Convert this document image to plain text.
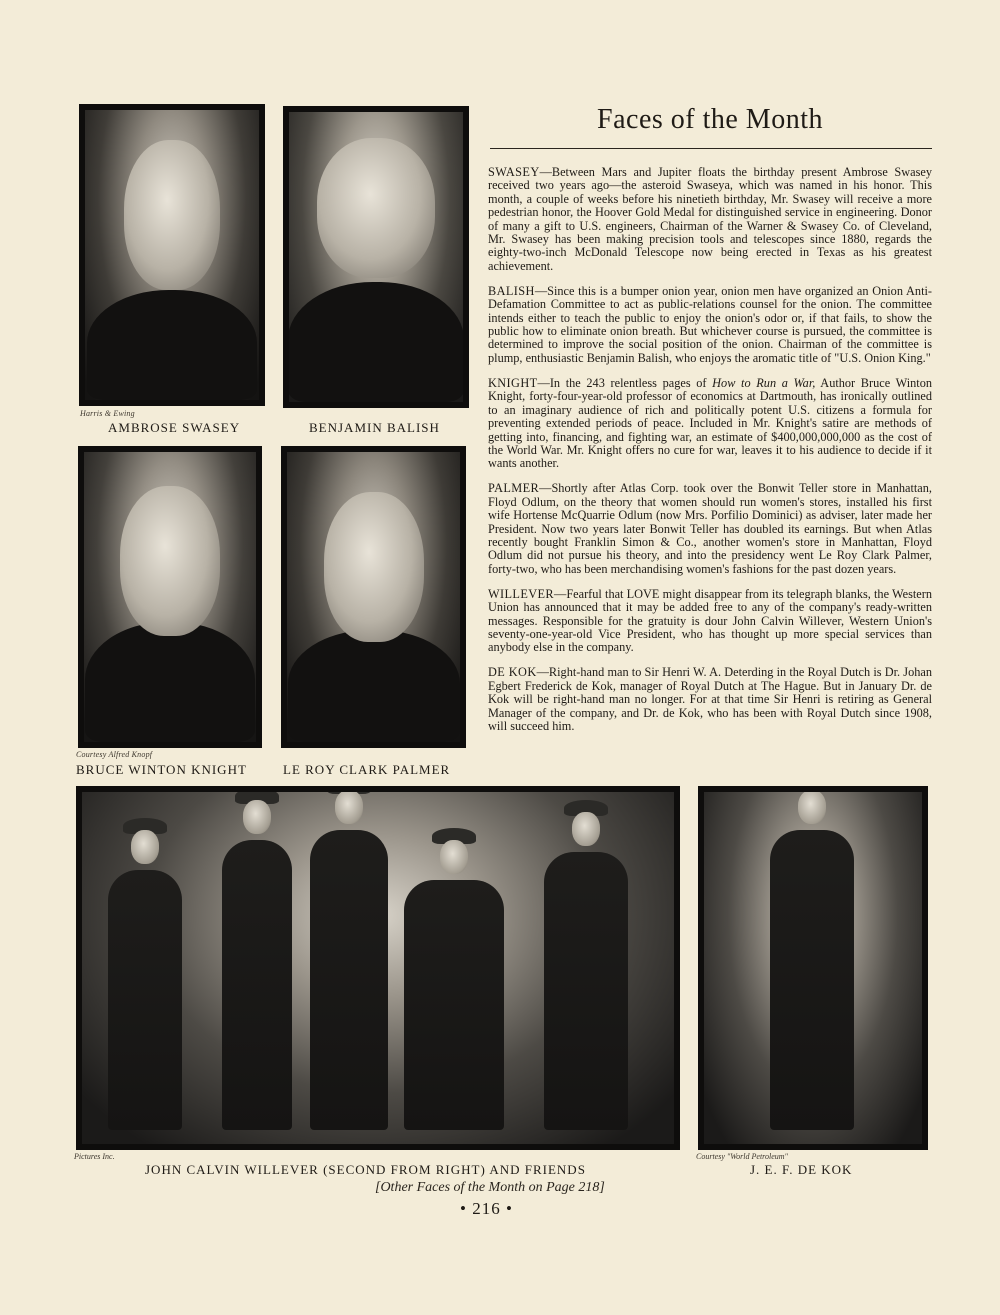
Faces of the Month
Harris & Ewing
AMBROSE SWASEY	BENJAMIN BALISH
Courtesy Alfred Knopf
BRUCE WINTON KNIGHT	LE ROY CLARK PALMER

SWASEY—Between Mars and Jupiter floats the birthday present Ambrose Swasey received two years ago—the asteroid Swaseya, which was named in his honor. This month, a couple of weeks before his ninetieth birthday, Mr. Swasey will receive a more pedestrian honor, the Hoover Gold Medal for distinguished service in engineering. Donor of many a gift to U.S. engineers, Chairman of the Warner & Swasey Co. of Cleveland, Mr. Swasey has been making precision tools and telescopes since 1880, regards the eighty-two-inch McDonald Telescope now being erected in Texas as his greatest achievement.

BALISH—Since this is a bumper onion year, onion men have organized an Onion Anti-Defamation Committee to act as public-relations counsel for the onion. The committee intends either to teach the public to enjoy the onion's odor or, if that fails, to show the public how to eliminate onion breath. But whichever course is pursued, the committee is determined to improve the social position of the onion. Chairman of the committee is plump, enthusiastic Benjamin Balish, who enjoys the aromatic title of "U.S. Onion King."

KNIGHT—In the 243 relentless pages of How to Run a War, Author Bruce Winton Knight, forty-four-year-old professor of economics at Dartmouth, has ironically outlined to an imaginary audience of rich and politically potent U.S. citizens a formula for preventing extended periods of peace. Included in Mr. Knight's satire are methods of getting into, financing, and fighting war, an estimate of $400,000,000,000 as the cost of the World War. Mr. Knight offers no cure for war, leaves it to his audience to decide if it wants another.

PALMER—Shortly after Atlas Corp. took over the Bonwit Teller store in Manhattan, Floyd Odlum, on the theory that women should run women's stores, installed his first wife Hortense McQuarrie Odlum (now Mrs. Porfilio Dominici) as adviser, later made her President. Now two years later Bonwit Teller has doubled its earnings. But when Atlas recently bought Franklin Simon & Co., another women's store in Manhattan, Floyd Odlum did not pursue his theory, and into the presidency went Le Roy Clark Palmer, forty-two, who has been merchandising women's fashions for the past dozen years.

WILLEVER—Fearful that LOVE might disappear from its telegraph blanks, the Western Union has announced that it may be added free to any of the company's ready-written messages. Responsible for the gratuity is dour John Calvin Willever, Western Union's seventy-one-year-old Vice President, who has thought up more special services than anybody else in the company.

DE KOK—Right-hand man to Sir Henri W. A. Deterding in the Royal Dutch is Dr. Johan Egbert Frederick de Kok, manager of Royal Dutch at The Hague. But in January Dr. de Kok will be right-hand man no longer. For at that time Sir Henri is retiring as General Manager of the company, and Dr. de Kok, who has been with Royal Dutch since 1908, will succeed him.

Pictures Inc.
JOHN CALVIN WILLEVER (SECOND FROM RIGHT) AND FRIENDS
Courtesy "World Petroleum"
J. E. F. DE KOK
[Other Faces of the Month on Page 218]
• 216 •
